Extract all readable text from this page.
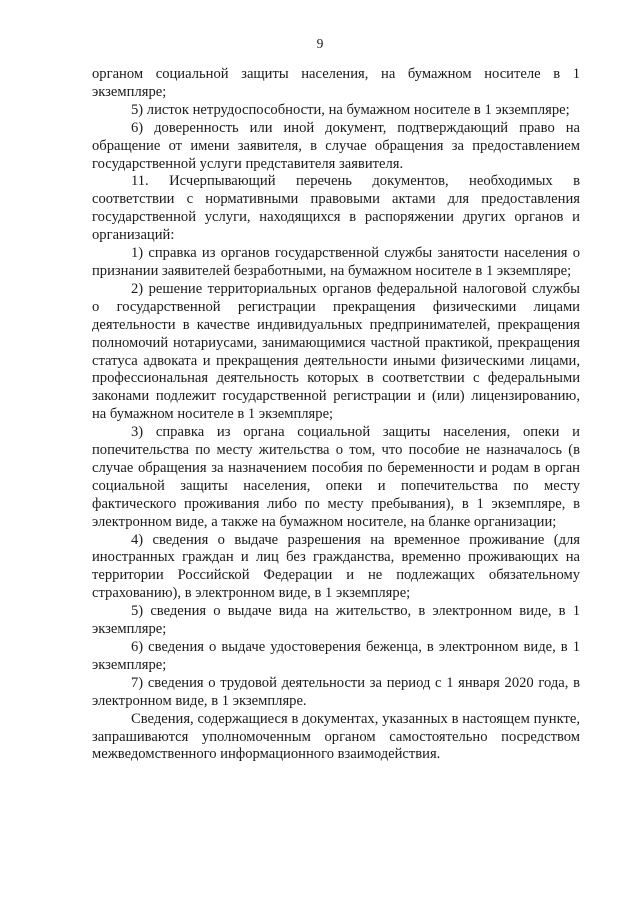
9

органом социальной защиты населения, на бумажном носителе в 1 экземпляре;

5) листок нетрудоспособности, на бумажном носителе в 1 экземпляре;

6) доверенность или иной документ, подтверждающий право на обращение от имени заявителя, в случае обращения за предоставлением государственной услуги представителя заявителя.

11. Исчерпывающий перечень документов, необходимых в соответствии с нормативными правовыми актами для предоставления государственной услуги, находящихся в распоряжении других органов и организаций:

1) справка из органов государственной службы занятости населения о признании заявителей безработными, на бумажном носителе в 1 экземпляре;

2) решение территориальных органов федеральной налоговой службы о государственной регистрации прекращения физическими лицами деятельности в качестве индивидуальных предпринимателей, прекращения полномочий нотариусами, занимающимися частной практикой, прекращения статуса адвоката и прекращения деятельности иными физическими лицами, профессиональная деятельность которых в соответствии с федеральными законами подлежит государственной регистрации и (или) лицензированию, на бумажном носителе в 1 экземпляре;

3) справка из органа социальной защиты населения, опеки и попечительства по месту жительства о том, что пособие не назначалось (в случае обращения за назначением пособия по беременности и родам в орган социальной защиты населения, опеки и попечительства по месту фактического проживания либо по месту пребывания), в 1 экземпляре, в электронном виде, а также на бумажном носителе, на бланке организации;

4) сведения о выдаче разрешения на временное проживание (для иностранных граждан и лиц без гражданства, временно проживающих на территории Российской Федерации и не подлежащих обязательному страхованию), в электронном виде, в 1 экземпляре;

5) сведения о выдаче вида на жительство, в электронном виде, в 1 экземпляре;

6) сведения о выдаче удостоверения беженца, в электронном виде, в 1 экземпляре;

7) сведения о трудовой деятельности за период с 1 января 2020 года, в электронном виде, в 1 экземпляре.

Сведения, содержащиеся в документах, указанных в настоящем пункте, запрашиваются уполномоченным органом самостоятельно посредством межведомственного информационного взаимодействия.
